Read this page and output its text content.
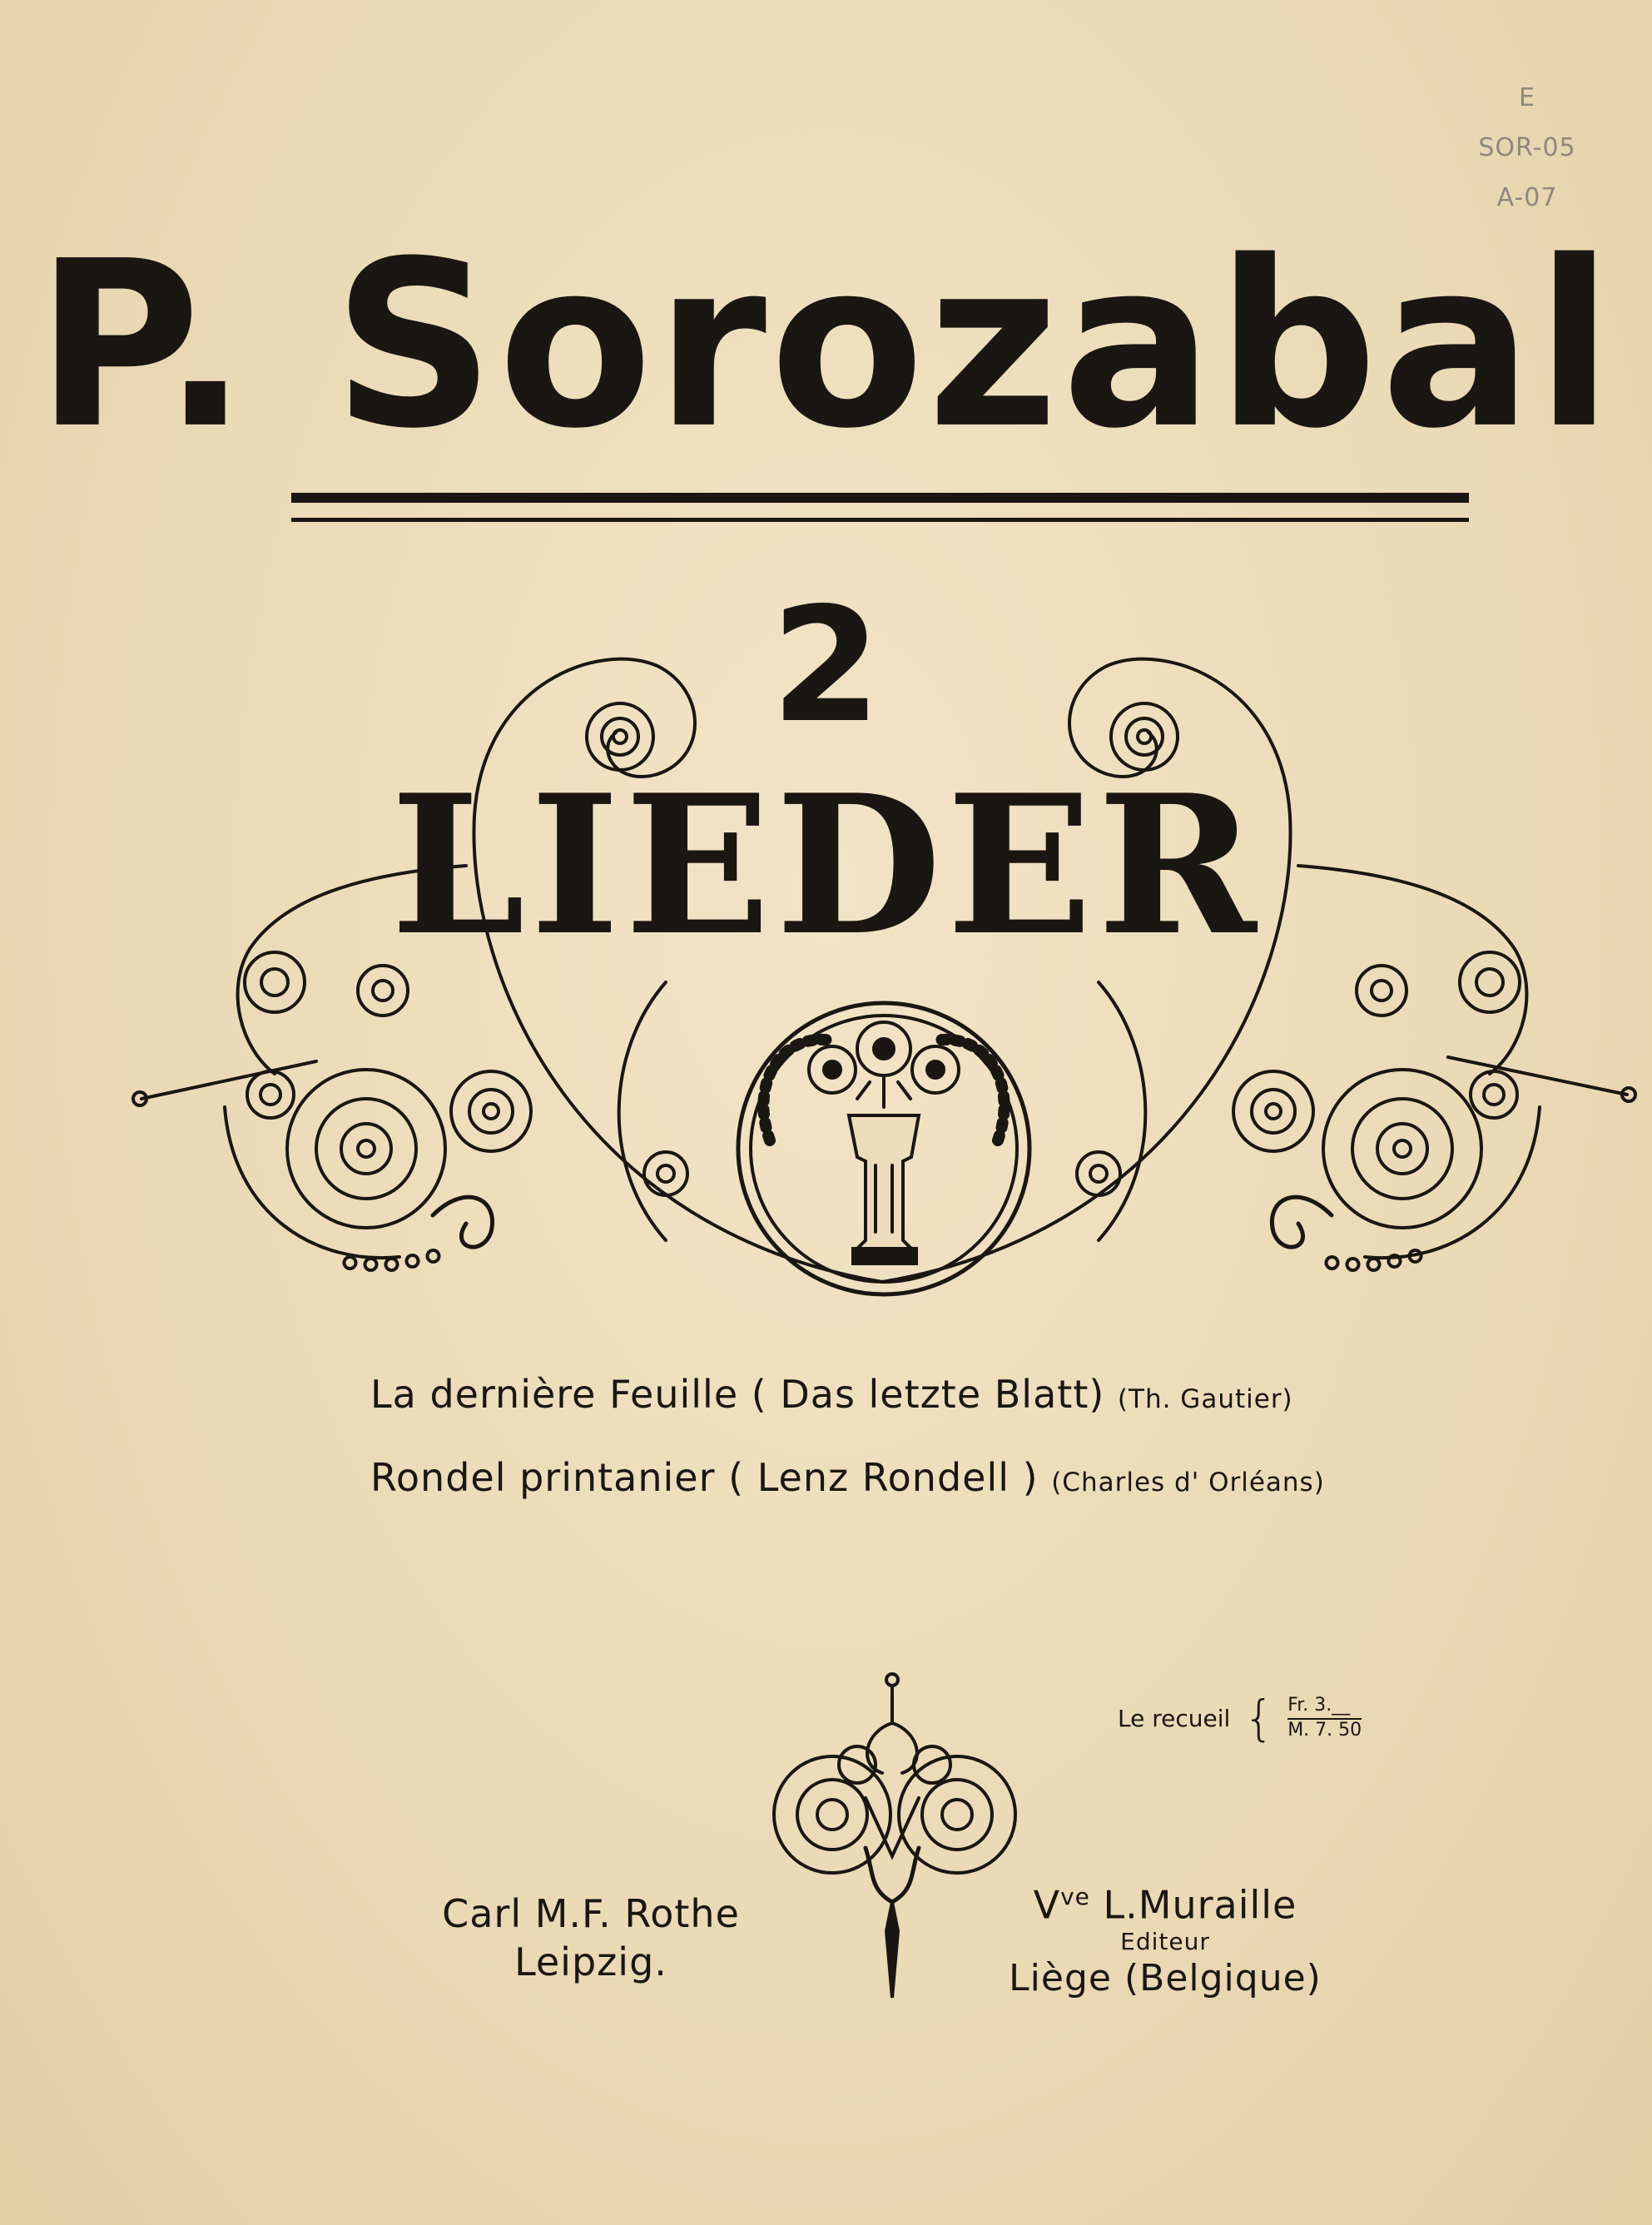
E
SOR-05
A-07
P. Sorozabal
2
LIEDER
La dernière Feuille ( Das letzte Blatt) (Th. Gautier)
Rondel printanier ( Lenz Rondell ) (Charles d' Orléans)
Le recueil { $\frac{Fr. 3.\_\_}{M. 7. 50}$
Carl M.F. Rothe
Leipzig.
$V^{ve}$ L.Muraille
Editeur
Liège (Belgique)
